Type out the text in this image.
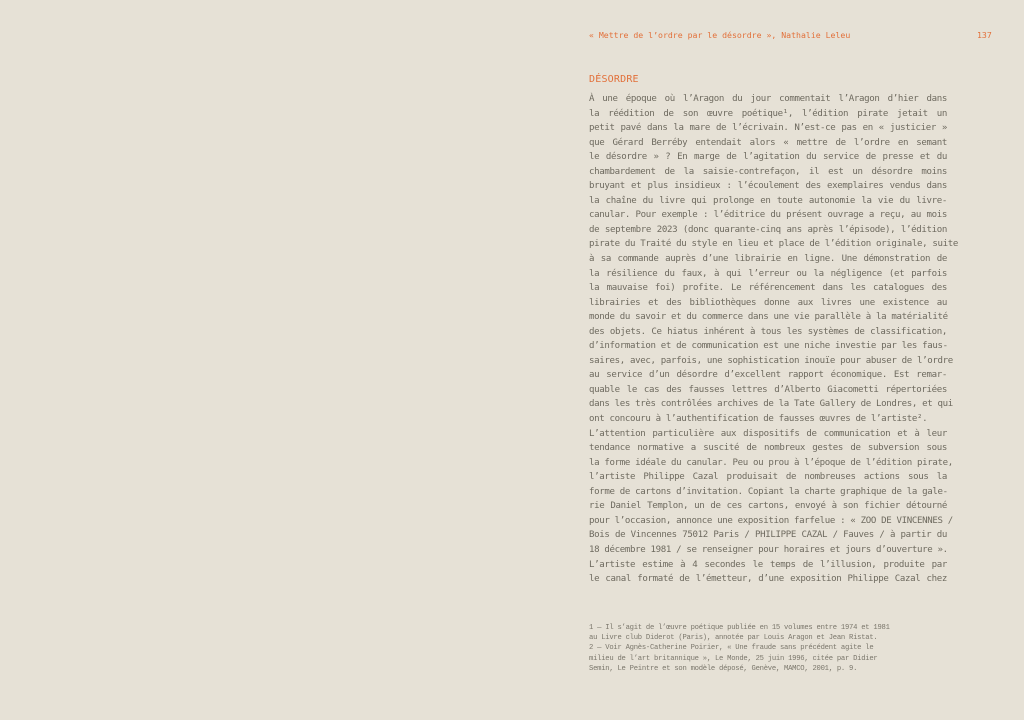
« Mettre de l’ordre par le désordre », Nathalie Leleu	137
DÉSORDRE
À une époque où l’Aragon du jour commentait l’Aragon d’hier dans
la réédition de son œuvre poétique¹, l’édition pirate jetait un
petit pavé dans la mare de l’écrivain. N’est-ce pas en « justicier »
que Gérard Berréby entendait alors « mettre de l’ordre en semant
le désordre » ? En marge de l’agitation du service de presse et du
chambardement de la saisie-contrefaçon, il est un désordre moins
bruyant et plus insidieux : l’écoulement des exemplaires vendus dans
la chaîne du livre qui prolonge en toute autonomie la vie du livre-
canular. Pour exemple : l’éditrice du présent ouvrage a reçu, au mois
de septembre 2023 (donc quarante-cinq ans après l’épisode), l’édition
pirate du Traité du style en lieu et place de l’édition originale, suite
à sa commande auprès d’une librairie en ligne. Une démonstration de
la résilience du faux, à qui l’erreur ou la négligence (et parfois
la mauvaise foi) profite. Le référencement dans les catalogues des
librairies et des bibliothèques donne aux livres une existence au
monde du savoir et du commerce dans une vie parallèle à la matérialité
des objets. Ce hiatus inhérent à tous les systèmes de classification,
d’information et de communication est une niche investie par les faus-
saires, avec, parfois, une sophistication inouïe pour abuser de l’ordre
au service d’un désordre d’excellent rapport économique. Est remar-
quable le cas des fausses lettres d’Alberto Giacometti répertoriées
dans les très contrôlées archives de la Tate Gallery de Londres, et qui
ont concouru à l’authentification de fausses œuvres de l’artiste².
L’attention particulière aux dispositifs de communication et à leur
tendance normative a suscité de nombreux gestes de subversion sous
la forme idéale du canular. Peu ou prou à l’époque de l’édition pirate,
l’artiste Philippe Cazal produisait de nombreuses actions sous la
forme de cartons d’invitation. Copiant la charte graphique de la gale-
rie Daniel Templon, un de ces cartons, envoyé à son fichier détourné
pour l’occasion, annonce une exposition farfelue : « ZOO DE VINCENNES /
Bois de Vincennes 75012 Paris / PHILIPPE CAZAL / Fauves / à partir du
18 décembre 1981 / se renseigner pour horaires et jours d’ouverture ».
L’artiste estime à 4 secondes le temps de l’illusion, produite par
le canal formaté de l’émetteur, d’une exposition Philippe Cazal chez
1 — Il s’agit de l’œuvre poétique publiée en 15 volumes entre 1974 et 1981
au Livre club Diderot (Paris), annotée par Louis Aragon et Jean Ristat.
2 — Voir Agnès-Catherine Poirier, « Une fraude sans précédent agite le
milieu de l’art britannique », Le Monde, 25 juin 1996, citée par Didier
Semin, Le Peintre et son modèle déposé, Genève, MAMCO, 2001, p. 9.
